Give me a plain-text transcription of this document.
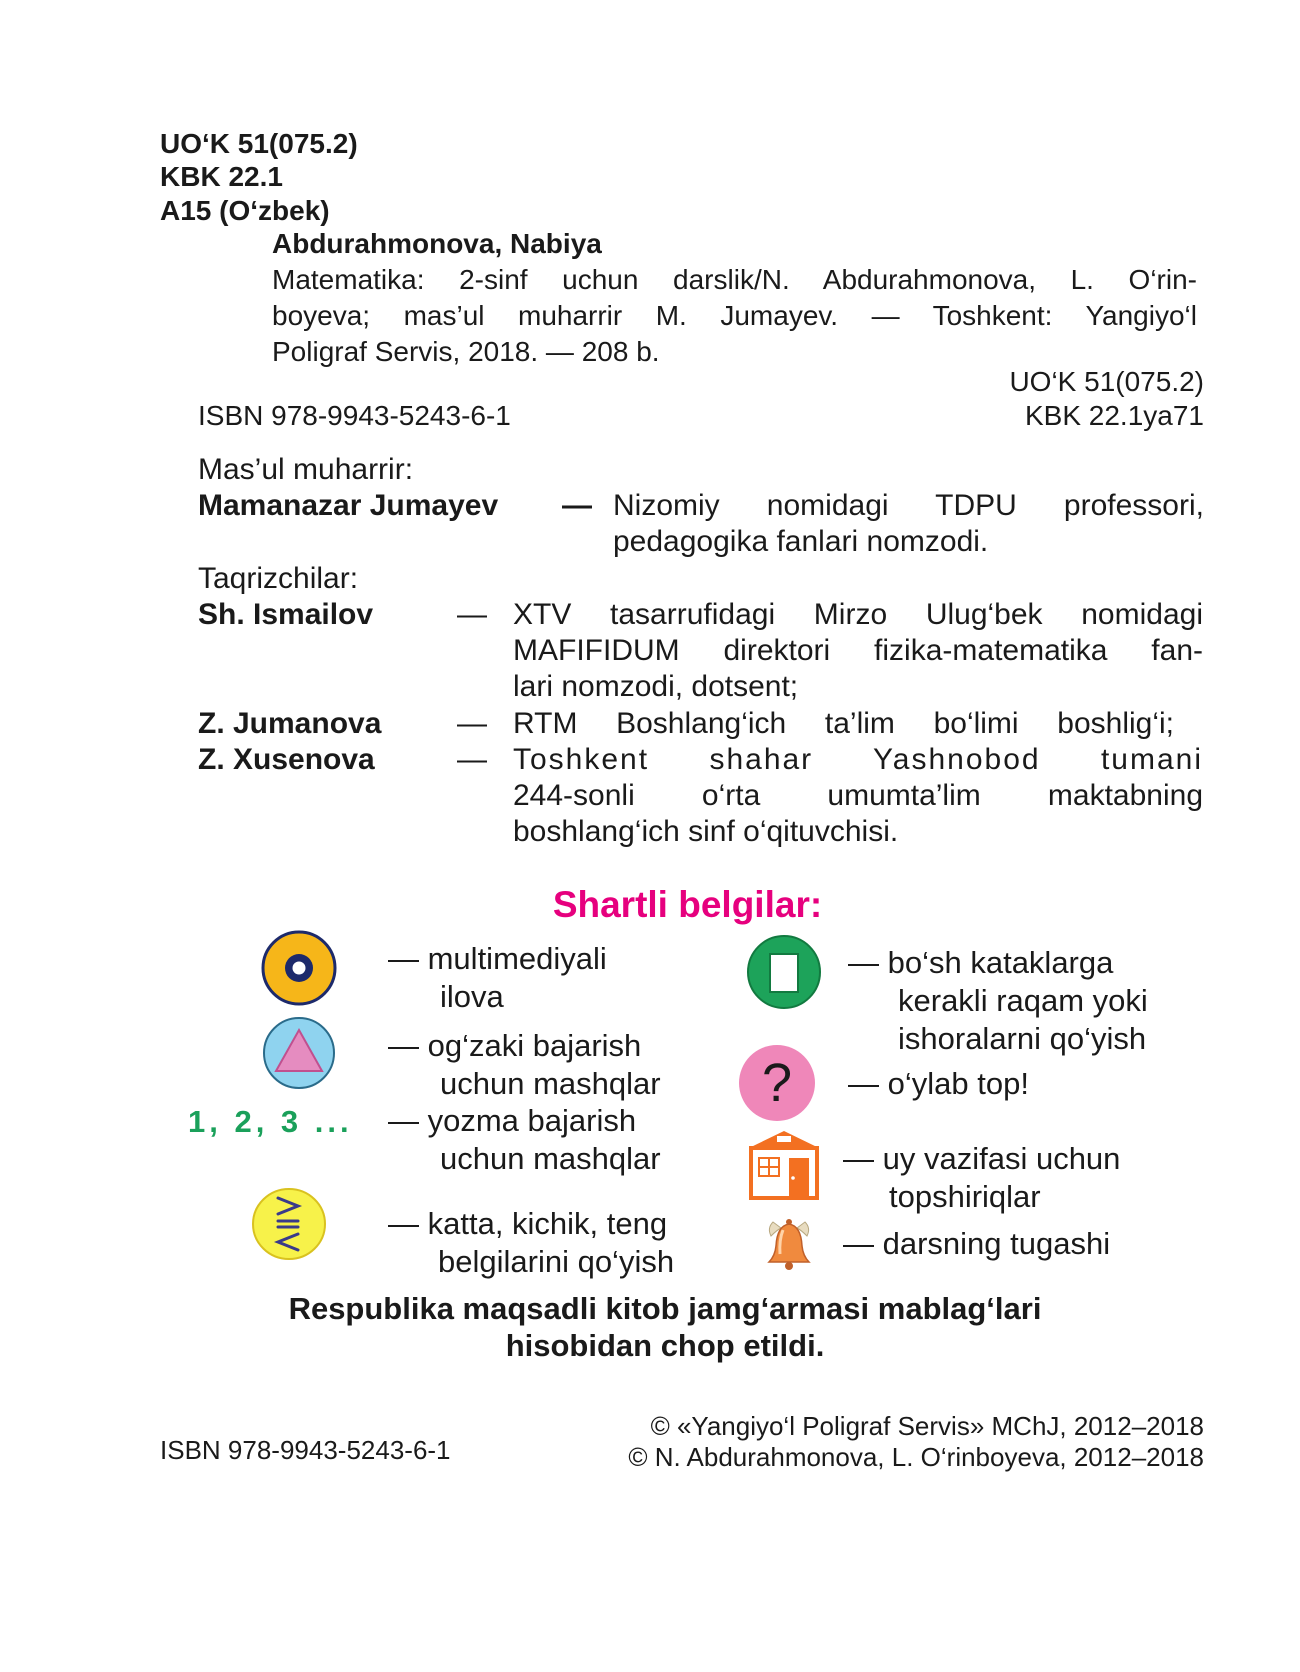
UO‘K 51(075.2)
KBK 22.1
A15 (O‘zbek)
Abdurahmonova, Nabiya
Matematika: 2-sinf uchun darslik/N. Abdurahmonova, L. O‘rin-
boyeva; mas’ul muharrir M. Jumayev. — Toshkent: Yangiyo‘l
Poligraf Servis, 2018. — 208 b.
UO‘K 51(075.2)
ISBN 978-9943-5243-6-1	KBK 22.1ya71
Mas’ul muharrir:
Mamanazar Jumayev — Nizomiy nomidagi TDPU professori,
pedagogika fanlari nomzodi.
Taqrizchilar:
Sh. Ismailov	— XTV tasarrufidagi Mirzo Ulug‘bek nomidagi
MAFIFIDUM direktori fizika-matematika fan-
lari nomzodi, dotsent;
Z. Jumanova	— RTM Boshlang‘ich ta’lim bo‘limi boshlig‘i;
Z. Xusenova	— Toshkent shahar Yashnobod tumani
244-sonli o‘rta umumta’lim maktabning
boshlang‘ich sinf o‘qituvchisi.
Shartli belgilar:
— multimediyali
ilova
— og‘zaki bajarish
uchun mashqlar
1, 2, 3 ... — yozma bajarish
uchun mashqlar
— katta, kichik, teng
belgilarini qo‘yish
— bo‘sh kataklarga
kerakli raqam yoki
ishoralarni qo‘yish
?	— o‘ylab top!
— uy vazifasi uchun
topshiriqlar
— darsning tugashi
Respublika maqsadli kitob jamg‘armasi mablag‘lari
hisobidan chop etildi.
ISBN 978-9943-5243-6-1
© «Yangiyo‘l Poligraf Servis» MChJ, 2012–2018
© N. Abdurahmonova, L. O‘rinboyeva, 2012–2018
